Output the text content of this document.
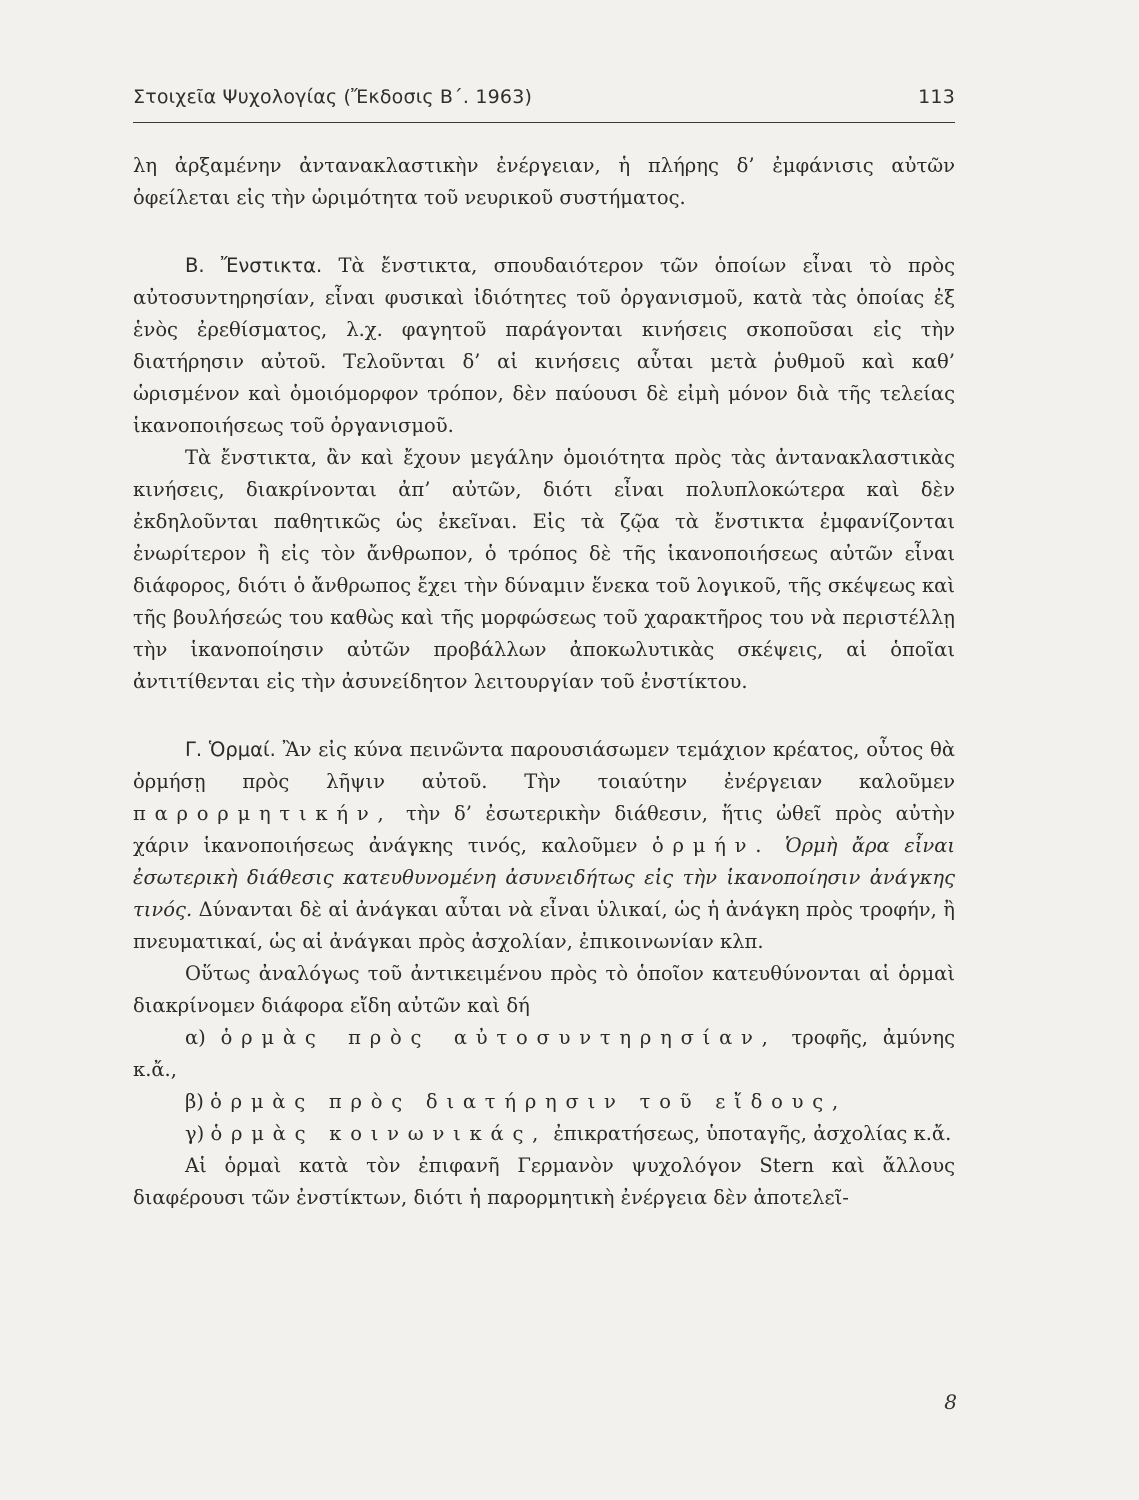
Στοιχεῖα Ψυχολογίας (Ἔκδοσις Β΄. 1963)	113

λη ἀρξαμένην ἀντανακλαστικὴν ἐνέργειαν, ἡ πλήρης δ’ ἐμφάνισις αὐτῶν ὀφείλεται εἰς τὴν ὡριμότητα τοῦ νευρικοῦ συστήματος.

Β. Ἔνστικτα. Τὰ ἔνστικτα, σπουδαιότερον τῶν ὁποίων εἶναι τὸ πρὸς αὐτοσυντηρησίαν, εἶναι φυσικαὶ ἰδιότητες τοῦ ὀργανισμοῦ, κατὰ τὰς ὁποίας ἐξ ἑνὸς ἐρεθίσματος, λ.χ. φαγητοῦ παράγονται κινήσεις σκοποῦσαι εἰς τὴν διατήρησιν αὐτοῦ. Τελοῦνται δ’ αἱ κινήσεις αὗται μετὰ ῥυθμοῦ καὶ καθ’ ὡρισμένον καὶ ὁμοιόμορφον τρόπον, δὲν παύουσι δὲ εἰμὴ μόνον διὰ τῆς τελείας ἱκανοποιήσεως τοῦ ὀργανισμοῦ.

Τὰ ἔνστικτα, ἂν καὶ ἔχουν μεγάλην ὁμοιότητα πρὸς τὰς ἀντανακλαστικὰς κινήσεις, διακρίνονται ἀπ’ αὐτῶν, διότι εἶναι πολυπλοκώτερα καὶ δὲν ἐκδηλοῦνται παθητικῶς ὡς ἐκεῖναι. Εἰς τὰ ζῷα τὰ ἔνστικτα ἐμφανίζονται ἐνωρίτερον ἢ εἰς τὸν ἄνθρωπον, ὁ τρόπος δὲ τῆς ἱκανοποιήσεως αὐτῶν εἶναι διάφορος, διότι ὁ ἄνθρωπος ἔχει τὴν δύναμιν ἕνεκα τοῦ λογικοῦ, τῆς σκέψεως καὶ τῆς βουλήσεώς του καθὼς καὶ τῆς μορφώσεως τοῦ χαρακτῆρος του νὰ περιστέλλῃ τὴν ἱκανοποίησιν αὐτῶν προβάλλων ἀποκωλυτικὰς σκέψεις, αἱ ὁποῖαι ἀντιτίθενται εἰς τὴν ἀσυνείδητον λειτουργίαν τοῦ ἐνστίκτου.

Γ. Ὁρμαί. Ἂν εἰς κύνα πεινῶντα παρουσιάσωμεν τεμάχιον κρέατος, οὗτος θὰ ὁρμήσῃ πρὸς λῆψιν αὐτοῦ. Τὴν τοιαύτην ἐνέργειαν καλοῦμεν παρορμητικήν, τὴν δ’ ἐσωτερικὴν διάθεσιν, ἥτις ὠθεῖ πρὸς αὐτὴν χάριν ἱκανοποιήσεως ἀνάγκης τινός, καλοῦμεν ὁρμήν. Ὁρμὴ ἄρα εἶναι ἐσωτερικὴ διάθεσις κατευθυνομένη ἀσυνειδήτως εἰς τὴν ἱκανοποίησιν ἀνάγκης τινός. Δύνανται δὲ αἱ ἀνάγκαι αὗται νὰ εἶναι ὑλικαί, ὡς ἡ ἀνάγκη πρὸς τροφήν, ἢ πνευματικαί, ὡς αἱ ἀνάγκαι πρὸς ἀσχολίαν, ἐπικοινωνίαν κλπ.

Οὕτως ἀναλόγως τοῦ ἀντικειμένου πρὸς τὸ ὁποῖον κατευθύνονται αἱ ὁρμαὶ διακρίνομεν διάφορα εἴδη αὐτῶν καὶ δή

α) ὁρμὰς πρὸς αὐτοσυντηρησίαν, τροφῆς, ἀμύνης κ.ἄ.,

β) ὁρμὰς πρὸς διατήρησιν τοῦ εἴδους,

γ) ὁρμὰς κοινωνικάς, ἐπικρατήσεως, ὑποταγῆς, ἀσχολίας κ.ἄ.

Αἱ ὁρμαὶ κατὰ τὸν ἐπιφανῆ Γερμανὸν ψυχολόγον Stern καὶ ἄλλους διαφέρουσι τῶν ἐνστίκτων, διότι ἡ παρορμητικὴ ἐνέργεια δὲν ἀποτελεῖ-

8
